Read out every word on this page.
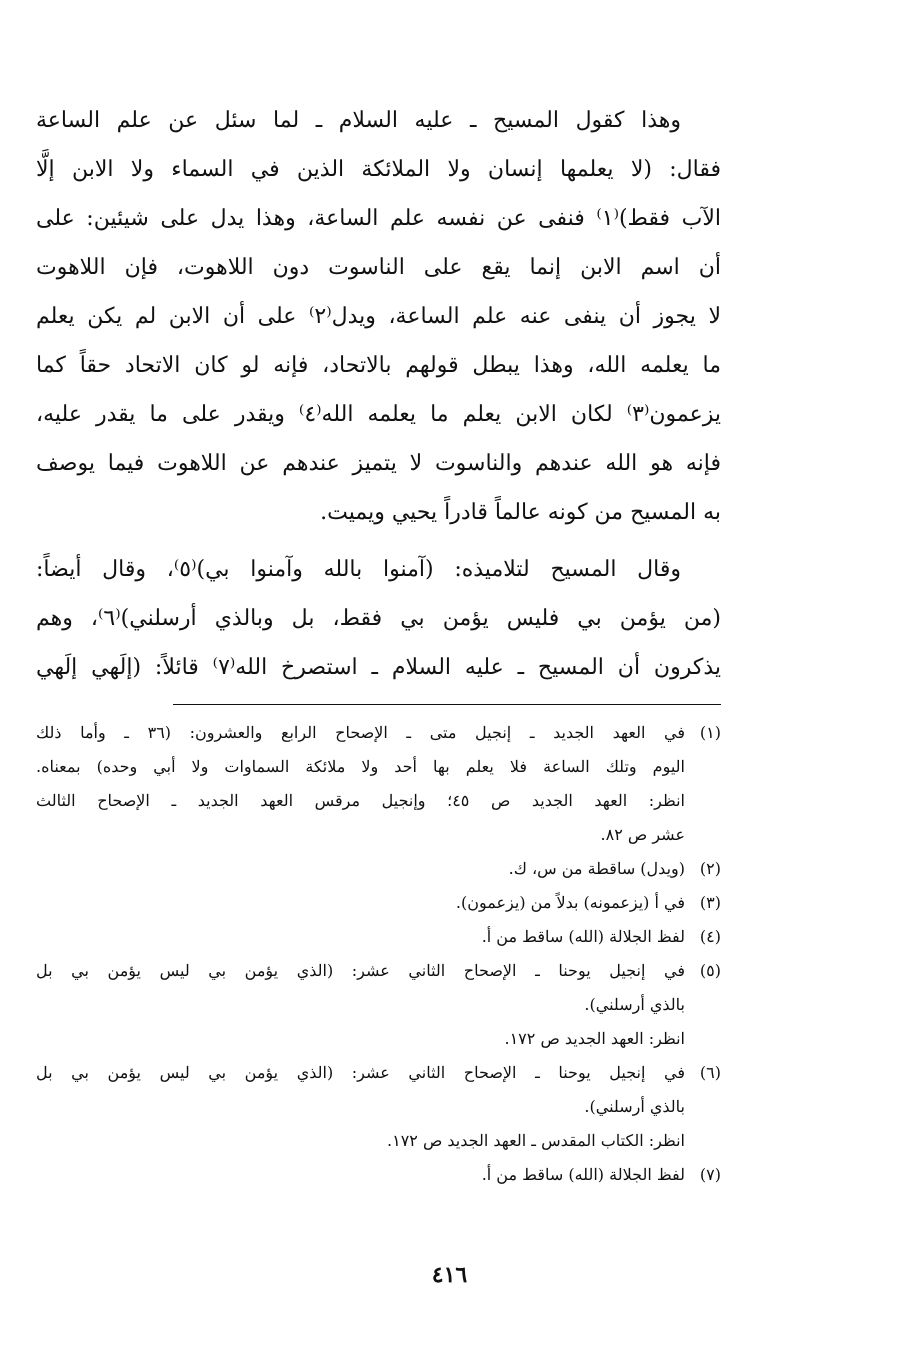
وهذا كقول المسيح ـ عليه السلام ـ لما سئل عن علم الساعة
فقال: (لا يعلمها إنسان ولا الملائكة الذين في السماء ولا الابن إلَّا
الآب فقط)⁽١⁾ فنفى عن نفسه علم الساعة، وهذا يدل على شيئين: على
أن اسم الابن إنما يقع على الناسوت دون اللاهوت، فإن اللاهوت
لا يجوز أن ينفى عنه علم الساعة، ويدل⁽٢⁾ على أن الابن لم يكن يعلم
ما يعلمه الله، وهذا يبطل قولهم بالاتحاد، فإنه لو كان الاتحاد حقاً كما
يزعمون⁽٣⁾ لكان الابن يعلم ما يعلمه الله⁽٤⁾ ويقدر على ما يقدر عليه،
فإنه هو الله عندهم والناسوت لا يتميز عندهم عن اللاهوت فيما يوصف
به المسيح من كونه عالماً قادراً يحيي ويميت.
وقال المسيح لتلاميذه: (آمنوا بالله وآمنوا بي)⁽٥⁾، وقال أيضاً:
(من يؤمن بي فليس يؤمن بي فقط، بل وبالذي أرسلني)⁽٦⁾، وهم
يذكرون أن المسيح ـ عليه السلام ـ استصرخ الله⁽٧⁾ قائلاً: (إلَهي إلَهي
(١)
في العهد الجديد ـ إنجيل متى ـ الإصحاح الرابع والعشرون: (٣٦ ـ وأما ذلك
اليوم وتلك الساعة فلا يعلم بها أحد ولا ملائكة السماوات ولا أبي وحده) بمعناه.
انظر: العهد الجديد ص ٤٥؛ وإنجيل مرقس العهد الجديد ـ الإصحاح الثالث
عشر ص ٨٢.
(٢)
(ويدل) ساقطة من س، ك.
(٣)
في أ (يزعمونه) بدلاً من (يزعمون).
(٤)
لفظ الجلالة (الله) ساقط من أ.
(٥)
في إنجيل يوحنا ـ الإصحاح الثاني عشر: (الذي يؤمن بي ليس يؤمن بي بل
بالذي أرسلني).
انظر: العهد الجديد ص ١٧٢.
(٦)
في إنجيل يوحنا ـ الإصحاح الثاني عشر: (الذي يؤمن بي ليس يؤمن بي بل
بالذي أرسلني).
انظر: الكتاب المقدس ـ العهد الجديد ص ١٧٢.
(٧)
لفظ الجلالة (الله) ساقط من أ.
٤١٦
